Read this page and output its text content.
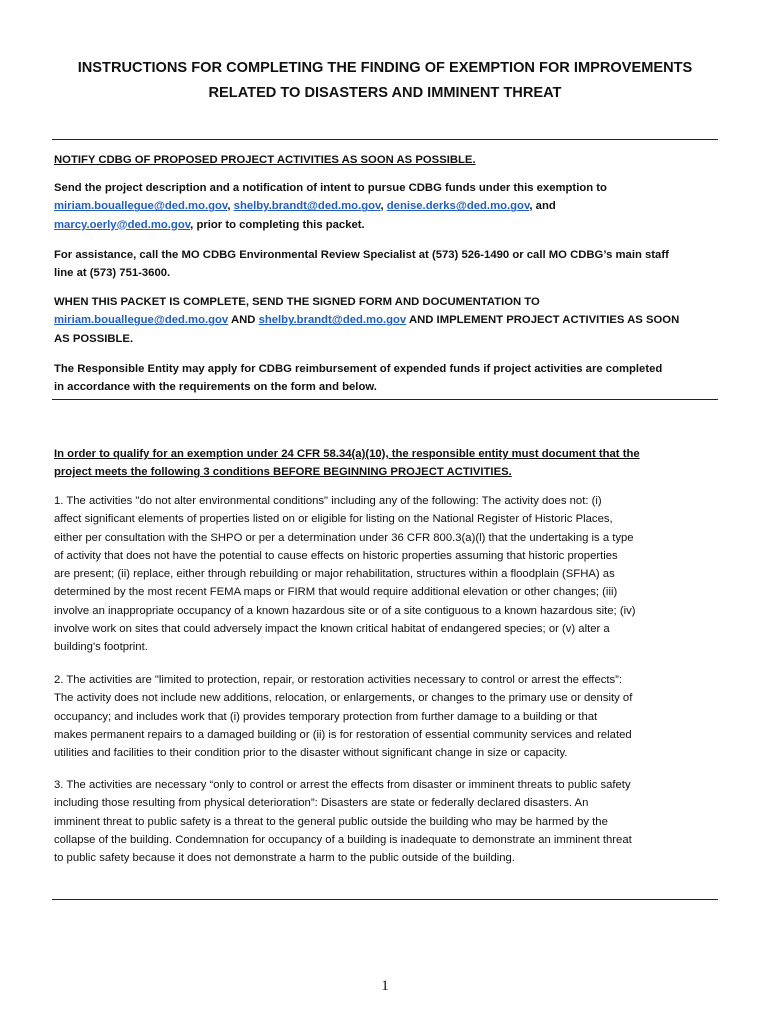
INSTRUCTIONS FOR COMPLETING THE FINDING OF EXEMPTION FOR IMPROVEMENTS
RELATED TO DISASTERS AND IMMINENT THREAT
NOTIFY CDBG OF PROPOSED PROJECT ACTIVITIES AS SOON AS POSSIBLE.
Send the project description and a notification of intent to pursue CDBG funds under this exemption to
miriam.bouallegue@ded.mo.gov, shelby.brandt@ded.mo.gov, denise.derks@ded.mo.gov, and
marcy.oerly@ded.mo.gov, prior to completing this packet.
For assistance, call the MO CDBG Environmental Review Specialist at (573) 526-1490 or call MO CDBG’s main staff
line at (573) 751-3600.
WHEN THIS PACKET IS COMPLETE, SEND THE SIGNED FORM AND DOCUMENTATION TO
miriam.bouallegue@ded.mo.gov AND shelby.brandt@ded.mo.gov AND IMPLEMENT PROJECT ACTIVITIES AS SOON
AS POSSIBLE.
The Responsible Entity may apply for CDBG reimbursement of expended funds if project activities are completed
in accordance with the requirements on the form and below.
In order to qualify for an exemption under 24 CFR 58.34(a)(10), the responsible entity must document that the
project meets the following 3 conditions BEFORE BEGINNING PROJECT ACTIVITIES.
1. The activities "do not alter environmental conditions" including any of the following: The activity does not: (i)
affect significant elements of properties listed on or eligible for listing on the National Register of Historic Places,
either per consultation with the SHPO or per a determination under 36 CFR 800.3(a)(l) that the undertaking is a type
of activity that does not have the potential to cause effects on historic properties assuming that historic properties
are present; (ii) replace, either through rebuilding or major rehabilitation, structures within a floodplain (SFHA) as
determined by the most recent FEMA maps or FIRM that would require additional elevation or other changes; (iii)
involve an inappropriate occupancy of a known hazardous site or of a site contiguous to a known hazardous site; (iv)
involve work on sites that could adversely impact the known critical habitat of endangered species; or (v) alter a
building's footprint.
2. The activities are "limited to protection, repair, or restoration activities necessary to control or arrest the effects”:
The activity does not include new additions, relocation, or enlargements, or changes to the primary use or density of
occupancy; and includes work that (i) provides temporary protection from further damage to a building or that
makes permanent repairs to a damaged building or (ii) is for restoration of essential community services and related
utilities and facilities to their condition prior to the disaster without significant change in size or capacity.
3. The activities are necessary “only to control or arrest the effects from disaster or imminent threats to public safety
including those resulting from physical deterioration”: Disasters are state or federally declared disasters. An
imminent threat to public safety is a threat to the general public outside the building who may be harmed by the
collapse of the building. Condemnation for occupancy of a building is inadequate to demonstrate an imminent threat
to public safety because it does not demonstrate a harm to the public outside of the building.
1
